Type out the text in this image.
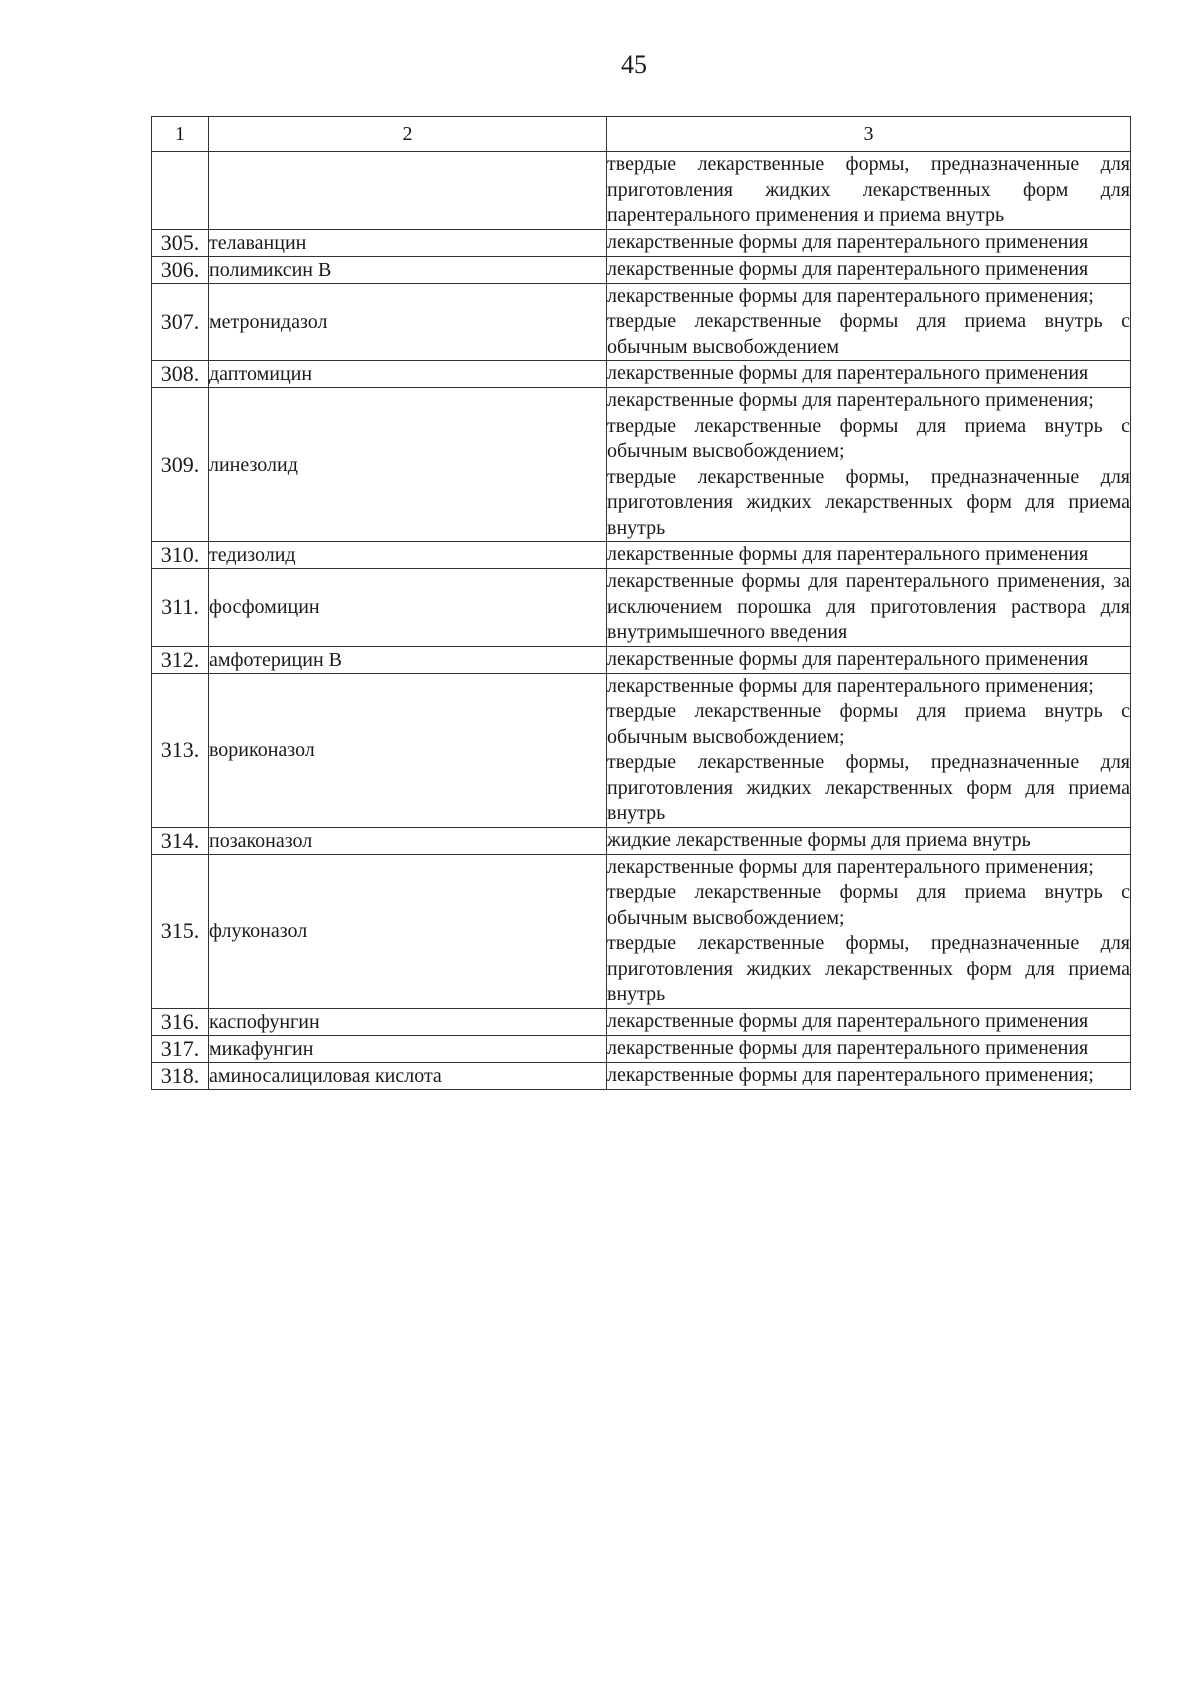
45
1	2	3

		твердые лекарственные формы, предназначенные для приготовления жидких лекарственных форм для парентерального применения и приема внутрь

305.	телаванцин	лекарственные формы для парентерального применения

306.	полимиксин В	лекарственные формы для парентерального применения

307.	метронидазол	лекарственные формы для парентерального применения;
твердые лекарственные формы для приема внутрь с обычным высвобождением

308.	даптомицин	лекарственные формы для парентерального применения

309.	линезолид	лекарственные формы для парентерального применения;
твердые лекарственные формы для приема внутрь с обычным высвобождением;
твердые лекарственные формы, предназначенные для приготовления жидких лекарственных форм для приема внутрь

310.	тедизолид	лекарственные формы для парентерального применения

311.	фосфомицин	лекарственные формы для парентерального применения, за исключением порошка для приготовления раствора для внутримышечного введения

312.	амфотерицин В	лекарственные формы для парентерального применения

313.	вориконазол	лекарственные формы для парентерального применения;
твердые лекарственные формы для приема внутрь с обычным высвобождением;
твердые лекарственные формы, предназначенные для приготовления жидких лекарственных форм для приема внутрь

314.	позаконазол	жидкие лекарственные формы для приема внутрь

315.	флуконазол	лекарственные формы для парентерального применения;
твердые лекарственные формы для приема внутрь с обычным высвобождением;
твердые лекарственные формы, предназначенные для приготовления жидких лекарственных форм для приема внутрь

316.	каспофунгин	лекарственные формы для парентерального применения

317.	микафунгин	лекарственные формы для парентерального применения

318.	аминосалициловая кислота	лекарственные формы для парентерального применения;
